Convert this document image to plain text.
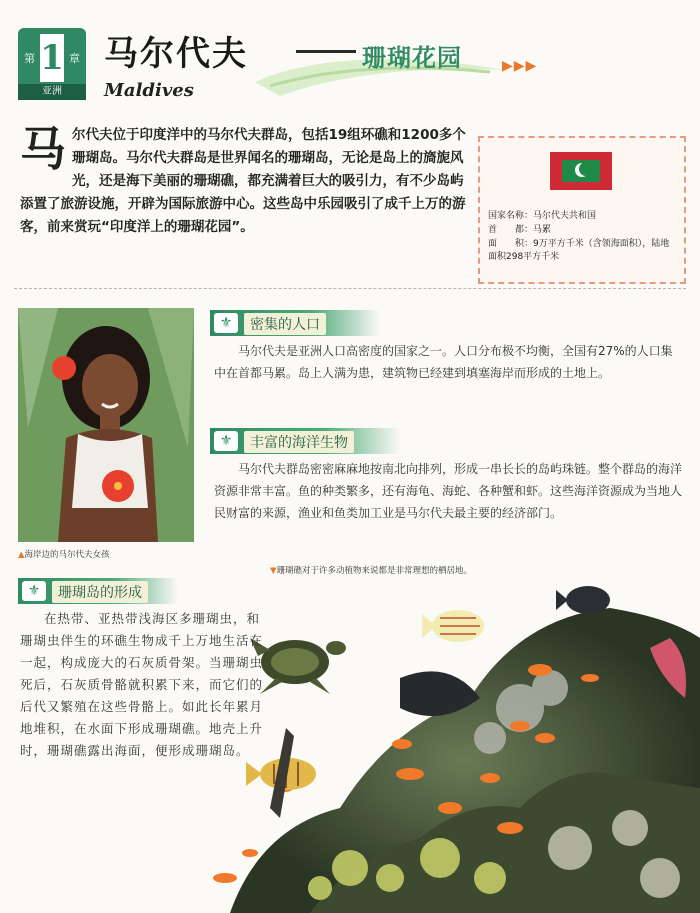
第 1 章
亚洲
马尔代夫	珊瑚花园	▶▶▶
Maldives
马 尔代夫位于印度洋中的马尔代夫群岛，包括19组环礁和1200多个珊瑚岛。马尔代夫群岛是世界闻名的珊瑚岛，无论是岛上的旖旎风光，还是海下美丽的珊瑚礁，都充满着巨大的吸引力，有不少岛屿添置了旅游设施，开辟为国际旅游中心。这些岛中乐园吸引了成千上万的游客，前来赏玩“印度洋上的珊瑚花园”。
国家名称：马尔代夫共和国
首　　都：马累
面　　积：9万平方千米（含领海面积），陆地面积298平方千米
▲海岸边的马尔代夫女孩
⚜	密集的人口
马尔代夫是亚洲人口高密度的国家之一。人口分布极不均衡，全国有27%的人口集中在首都马累。岛上人满为患，建筑物已经建到填塞海岸而形成的土地上。
⚜	丰富的海洋生物
马尔代夫群岛密密麻麻地按南北向排列，形成一串长长的岛屿珠链。整个群岛的海洋资源非常丰富。鱼的种类繁多，还有海龟、海蛇、各种蟹和虾。这些海洋资源成为当地人民财富的来源，渔业和鱼类加工业是马尔代夫最主要的经济部门。
▼珊瑚礁对于许多动植物来说都是非常理想的栖居地。
⚜	珊瑚岛的形成
在热带、亚热带浅海区多珊瑚虫，和珊瑚虫伴生的环礁生物成千上万地生活在一起，构成庞大的石灰质骨架。当珊瑚虫死后，石灰质骨骼就积累下来，而它们的后代又繁殖在这些骨骼上。如此长年累月地堆积，在水面下形成珊瑚礁。地壳上升时，珊瑚礁露出海面，便形成珊瑚岛。
